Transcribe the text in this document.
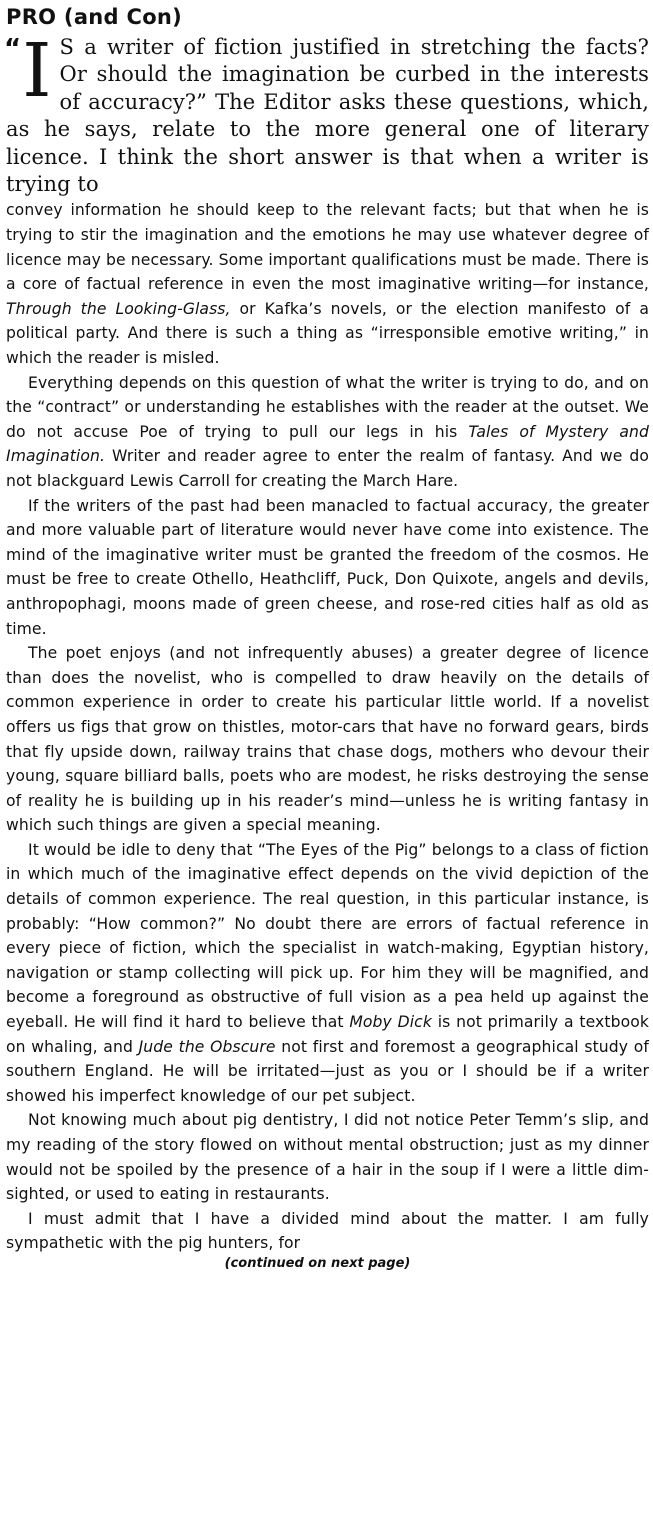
PRO (and Con)
“ I S a writer of fiction justified in stretching the facts? Or should the imagination be curbed in the interests of accuracy?” The Editor asks these questions, which, as he says, relate to the more general one of literary licence. I think the short answer is that when a writer is trying to

convey information he should keep to the relevant facts; but that when he is trying to stir the imagination and the emotions he may use whatever degree of licence may be necessary. Some important qualifications must be made. There is a core of factual reference in even the most imaginative writing—for instance, Through the Looking-Glass, or Kafka’s novels, or the election manifesto of a political party. And there is such a thing as “irresponsible emotive writing,” in which the reader is misled.

Everything depends on this question of what the writer is trying to do, and on the “contract” or understanding he establishes with the reader at the outset. We do not accuse Poe of trying to pull our legs in his Tales of Mystery and Imagination. Writer and reader agree to enter the realm of fantasy. And we do not blackguard Lewis Carroll for creating the March Hare.

If the writers of the past had been manacled to factual accuracy, the greater and more valuable part of literature would never have come into existence. The mind of the imaginative writer must be granted the freedom of the cosmos. He must be free to create Othello, Heathcliff, Puck, Don Quixote, angels and devils, anthropophagi, moons made of green cheese, and rose-red cities half as old as time.

The poet enjoys (and not infrequently abuses) a greater degree of licence than does the novelist, who is compelled to draw heavily on the details of common experience in order to create his particular little world. If a novelist offers us figs that grow on thistles, motor-cars that have no forward gears, birds that fly upside down, railway trains that chase dogs, mothers who devour their young, square billiard balls, poets who are modest, he risks destroying the sense of reality he is building up in his reader’s mind—unless he is writing fantasy in which such things are given a special meaning.

It would be idle to deny that “The Eyes of the Pig” belongs to a class of fiction in which much of the imaginative effect depends on the vivid depiction of the details of common experience. The real question, in this particular instance, is probably: “How common?” No doubt there are errors of factual reference in every piece of fiction, which the specialist in watch-making, Egyptian history, navigation or stamp collecting will pick up. For him they will be magnified, and become a foreground as obstructive of full vision as a pea held up against the eyeball. He will find it hard to believe that Moby Dick is not primarily a textbook on whaling, and Jude the Obscure not first and foremost a geographical study of southern England. He will be irritated—just as you or I should be if a writer showed his imperfect knowledge of our pet subject.

Not knowing much about pig dentistry, I did not notice Peter Temm’s slip, and my reading of the story flowed on without mental obstruction; just as my dinner would not be spoiled by the presence of a hair in the soup if I were a little dim-sighted, or used to eating in restaurants.

I must admit that I have a divided mind about the matter. I am fully sympathetic with the pig hunters, for

(continued on next page)
